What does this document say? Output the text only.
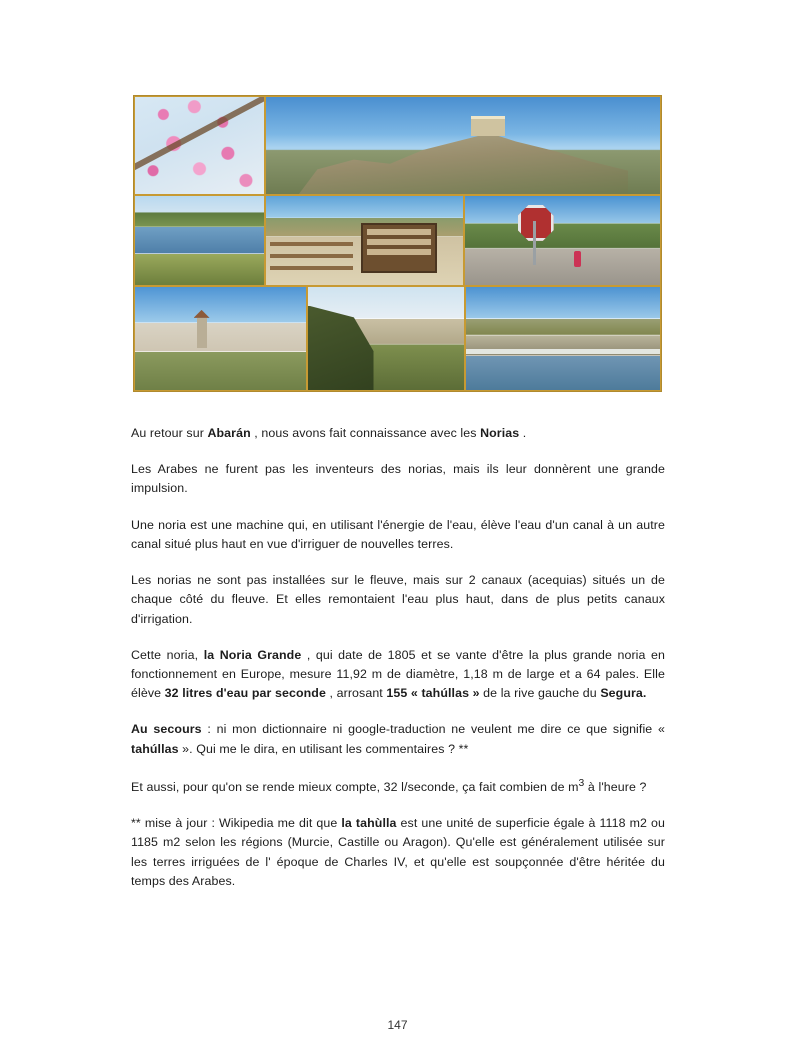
Au retour sur Abarán , nous avons fait connaissance avec les Norias .

Les Arabes ne furent pas les inventeurs des norias, mais ils leur donnèrent une grande impulsion.

Une noria est une machine qui, en utilisant l'énergie de l'eau, élève l'eau d'un canal à un autre canal situé plus haut en vue d'irriguer de nouvelles terres.

Les norias ne sont pas installées sur le fleuve, mais sur 2 canaux (acequias) situés un de chaque côté du fleuve. Et elles remontaient l'eau plus haut, dans de plus petits canaux d'irrigation.

Cette noria, la Noria Grande , qui date de 1805 et se vante d'être la plus grande noria en fonctionnement en Europe, mesure 11,92 m de diamètre, 1,18 m de large et a 64 pales. Elle élève 32 litres d'eau par seconde , arrosant 155 « tahúllas » de la rive gauche du Segura.

Au secours : ni mon dictionnaire ni google-traduction ne veulent me dire ce que signifie « tahúllas ». Qui me le dira, en utilisant les commentaires ? **

Et aussi, pour qu'on se rende mieux compte, 32 l/seconde, ça fait combien de $m^3$ à l'heure ?

** mise à jour : Wikipedia me dit que la tahùlla est une unité de superficie égale à 1118 m2 ou 1185 m2 selon les régions (Murcie, Castille ou Aragon). Qu'elle est généralement utilisée sur les terres irriguées de l' époque de Charles IV, et qu'elle est soupçonnée d'être héritée du temps des Arabes.

147
